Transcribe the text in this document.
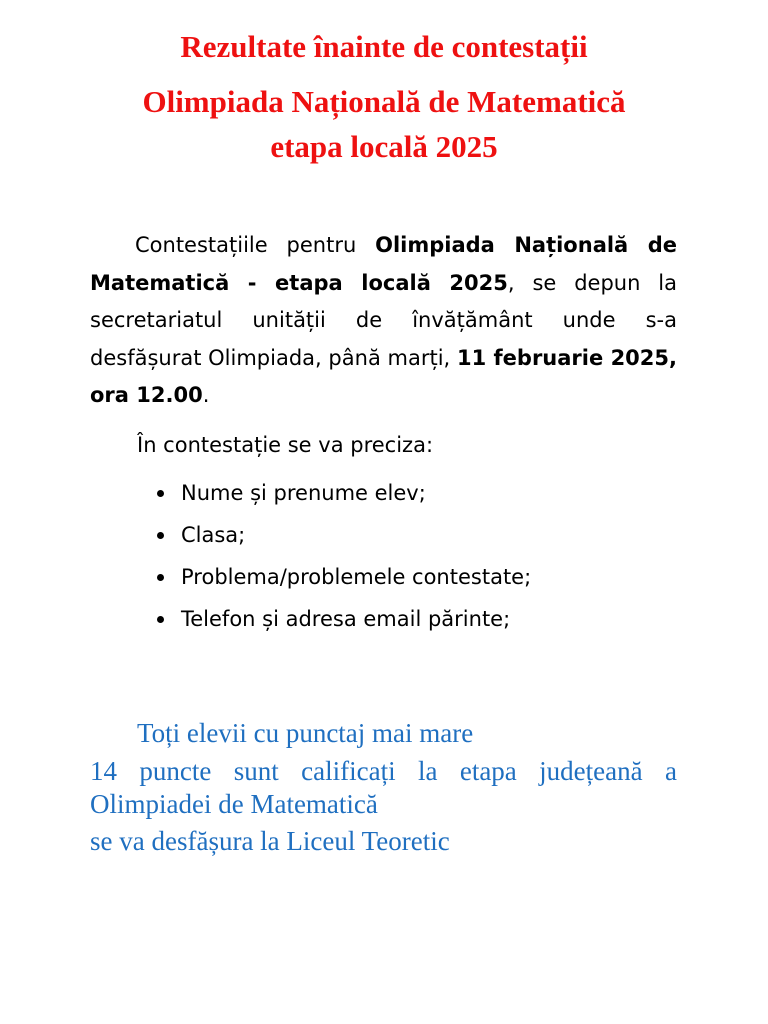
Rezultate înainte de contestații
Olimpiada Națională de Matematică
etapa locală 2025
Contestațiile pentru Olimpiada Națională de Matematică - etapa locală 2025, se depun la secretariatul unității de învățământ unde s-a desfășurat Olimpiada, până marți, 11 februarie 2025, ora 12.00.
În contestație se va preciza:
Nume și prenume elev;
Clasa;
Problema/problemele contestate;
Telefon și adresa email părinte;
Toți elevii cu punctaj mai mare
14 puncte sunt calificați la etapa județeană a
Olimpiadei de Matematică
se va desfășura la Liceul Teoretic
